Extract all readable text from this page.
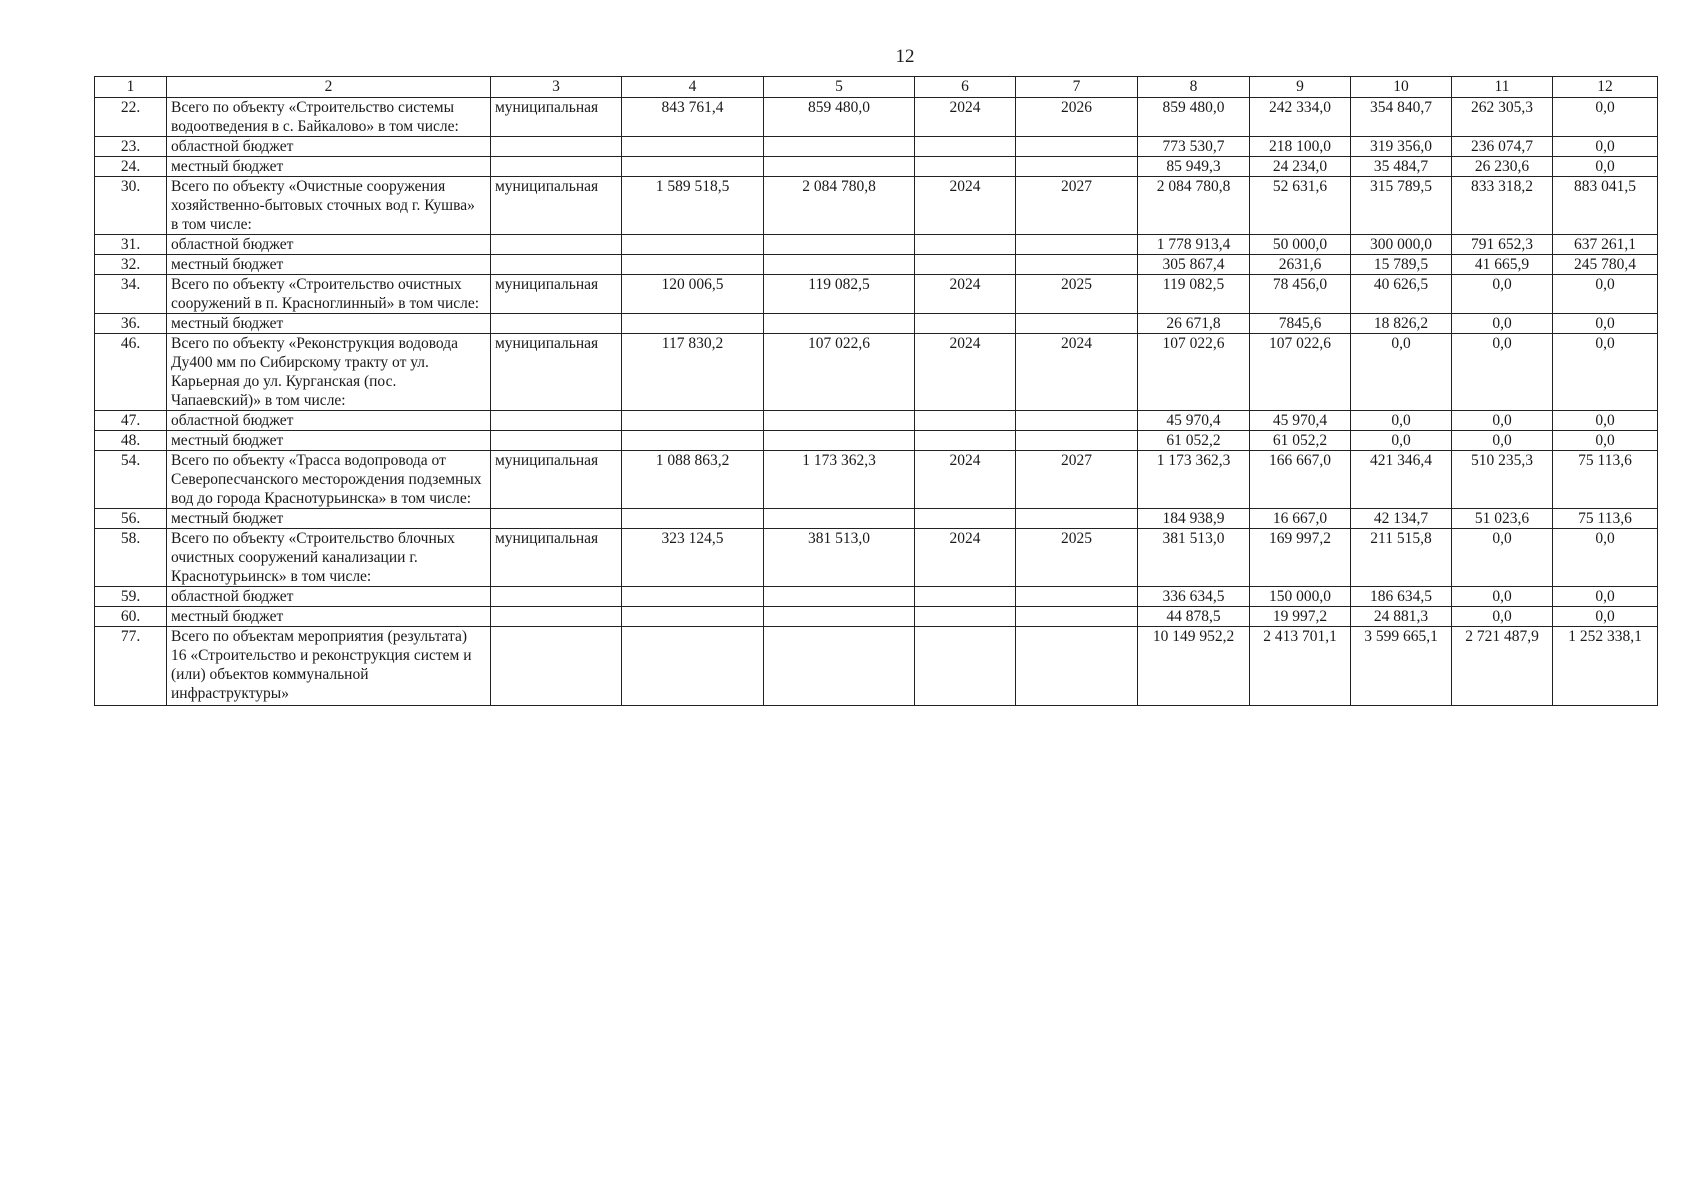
12
1	2	3	4	5	6	7	8	9	10	11	12
22.	Всего по объекту «Строительство системы водоотведения в с. Байкалово» в том числе:	муниципальная	843 761,4	859 480,0	2024	2026	859 480,0	242 334,0	354 840,7	262 305,3	0,0
23.	областной бюджет						773 530,7	218 100,0	319 356,0	236 074,7	0,0
24.	местный бюджет						85 949,3	24 234,0	35 484,7	26 230,6	0,0
30.	Всего по объекту «Очистные сооружения хозяйственно-бытовых сточных вод г. Кушва» в том числе:	муниципальная	1 589 518,5	2 084 780,8	2024	2027	2 084 780,8	52 631,6	315 789,5	833 318,2	883 041,5
31.	областной бюджет						1 778 913,4	50 000,0	300 000,0	791 652,3	637 261,1
32.	местный бюджет						305 867,4	2631,6	15 789,5	41 665,9	245 780,4
34.	Всего по объекту «Строительство очистных сооружений в п. Красноглинный» в том числе:	муниципальная	120 006,5	119 082,5	2024	2025	119 082,5	78 456,0	40 626,5	0,0	0,0
36.	местный бюджет						26 671,8	7845,6	18 826,2	0,0	0,0
46.	Всего по объекту «Реконструкция водовода Ду400 мм по Сибирскому тракту от ул. Карьерная до ул. Курганская (пос. Чапаевский)» в том числе:	муниципальная	117 830,2	107 022,6	2024	2024	107 022,6	107 022,6	0,0	0,0	0,0
47.	областной бюджет						45 970,4	45 970,4	0,0	0,0	0,0
48.	местный бюджет						61 052,2	61 052,2	0,0	0,0	0,0
54.	Всего по объекту «Трасса водопровода от Северопесчанского месторождения подземных вод до города Краснотурьинска» в том числе:	муниципальная	1 088 863,2	1 173 362,3	2024	2027	1 173 362,3	166 667,0	421 346,4	510 235,3	75 113,6
56.	местный бюджет						184 938,9	16 667,0	42 134,7	51 023,6	75 113,6
58.	Всего по объекту «Строительство блочных очистных сооружений канализации г. Краснотурьинск» в том числе:	муниципальная	323 124,5	381 513,0	2024	2025	381 513,0	169 997,2	211 515,8	0,0	0,0
59.	областной бюджет						336 634,5	150 000,0	186 634,5	0,0	0,0
60.	местный бюджет						44 878,5	19 997,2	24 881,3	0,0	0,0
77.	Всего по объектам мероприятия (результата) 16 «Строительство и реконструкция систем и (или) объектов коммунальной инфраструктуры»						10 149 952,2	2 413 701,1	3 599 665,1	2 721 487,9	1 252 338,1
